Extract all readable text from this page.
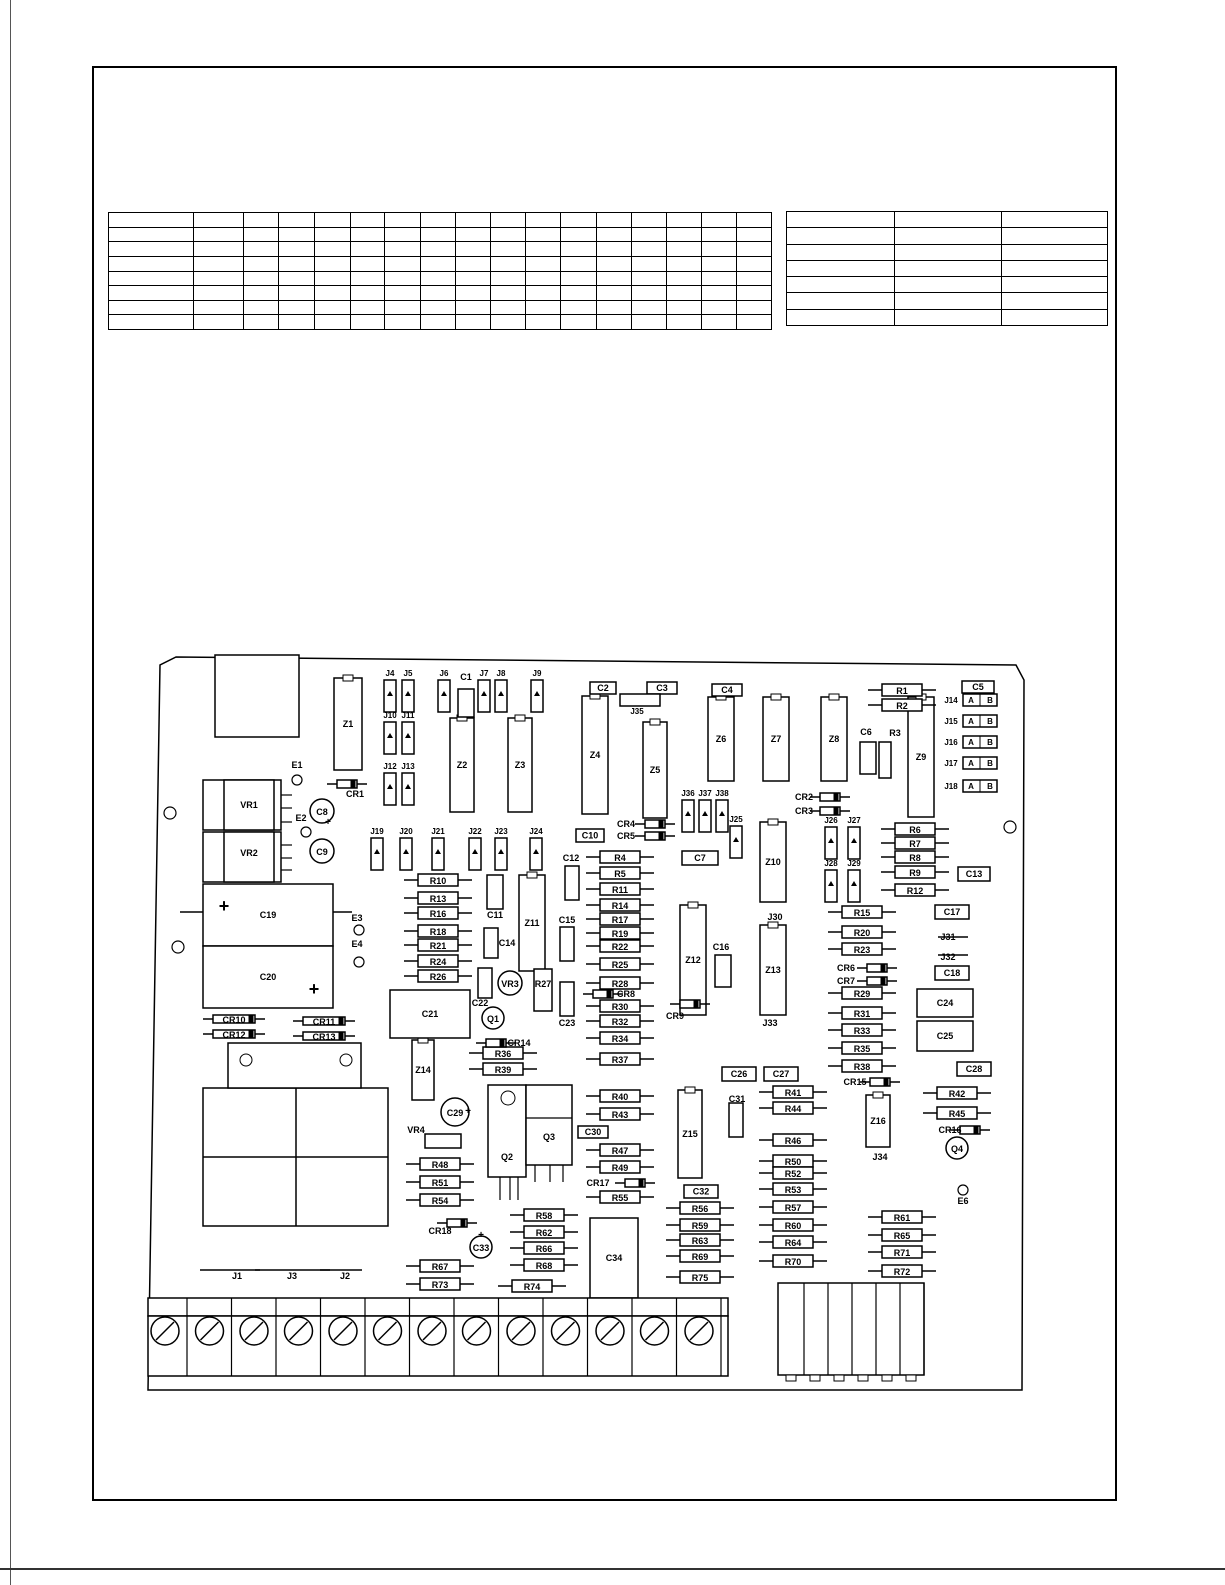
Z1
Z2	Z3
Z4
Z5
Z6	Z7	Z8
Z9
Z10
Z11
Z12
Z13
Z14
Z15
Z16
R1
R2
R4
R5
R6
R7
R8
R9
R10
R11	R12
R13
R14
R15
R16
R17
R18	R19	R20
R21	R22	R23
R24	R25
R26
R28
R29
R30
R31
R32
R33
R34
R35
R36
R37
R38
R39
R40	R41	R42
R43
R44	R45
R46
R47
R48	R49
R50
R51
R52
R53
R54	R55
R56	R57
R58
R59	R60
R61
R62
R63	R64
R65
R66
R67	R68
R69	R70
R71
R72
R73	R74
R75
R3
R27
C1
C2	C3	C4	C5
C6
C7
C10
C11
C12
C13
C14
C15
C16
C17
C18
C19
C20
C21
C22
C23
C24
C25
C26	C27	C28
C30
C31
C32
C34
C8
C9
C29
C33
+
+
+
+
+
J4 J5	J6	J7 J8	J9
J10 J11
J12 J13
J19 J20 J21	J22 J23	J24
J36 J37 J38
J25	J26 J27
J28 J29
A B
J14
A B
J15
A B
J16
A B
J17
A B
J18
J35
J30
J31
J32
J33
J34
J1	J3	J2
CR1	CR2
CR3
CR4
CR5
CR6
CR7
CR8
CR9
CR14
CR15
CR16
CR17
CR18
CR10
CR12
CR11
CR13
VR4
VR1
VR2
VR3
Q1
Q4
Q2
Q3
E1
E2
E3
E4
E6
